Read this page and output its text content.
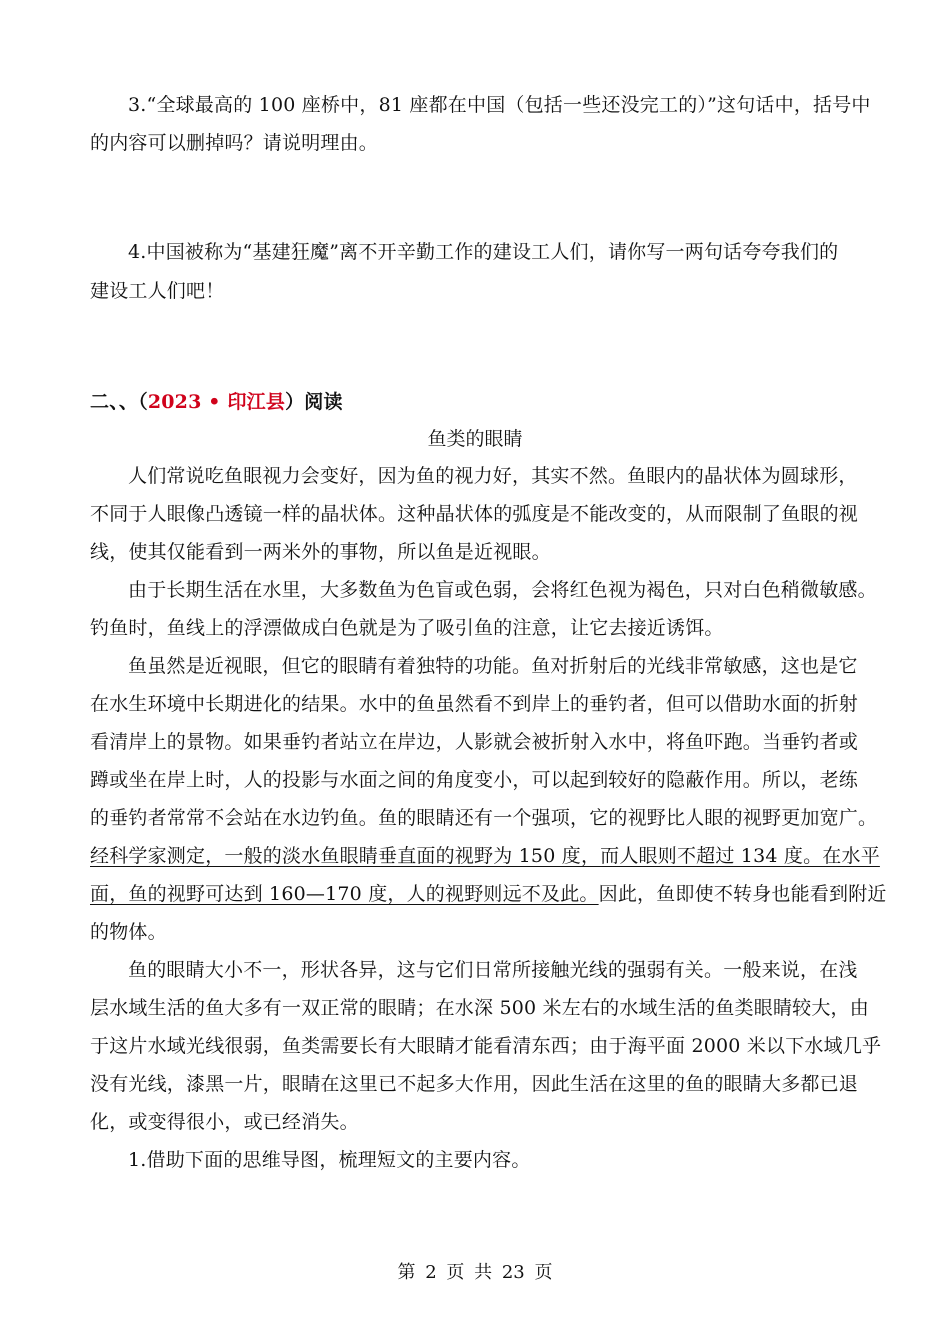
3.“全球最高的 100 座桥中，81 座都在中国（包括一些还没完工的）”这句话中，括号中
的内容可以删掉吗？请说明理由。
4.中国被称为“基建狂魔”离不开辛勤工作的建设工人们，请你写一两句话夸夸我们的
建设工人们吧！
二、、（2023 • 印江县）阅读
鱼类的眼睛
人们常说吃鱼眼视力会变好，因为鱼的视力好，其实不然。鱼眼内的晶状体为圆球形，
不同于人眼像凸透镜一样的晶状体。这种晶状体的弧度是不能改变的，从而限制了鱼眼的视
线，使其仅能看到一两米外的事物，所以鱼是近视眼。
由于长期生活在水里，大多数鱼为色盲或色弱，会将红色视为褐色，只对白色稍微敏感。
钓鱼时，鱼线上的浮漂做成白色就是为了吸引鱼的注意，让它去接近诱饵。
鱼虽然是近视眼，但它的眼睛有着独特的功能。鱼对折射后的光线非常敏感，这也是它
在水生环境中长期进化的结果。水中的鱼虽然看不到岸上的垂钓者，但可以借助水面的折射
看清岸上的景物。如果垂钓者站立在岸边，人影就会被折射入水中，将鱼吓跑。当垂钓者或
蹲或坐在岸上时，人的投影与水面之间的角度变小，可以起到较好的隐蔽作用。所以，老练
的垂钓者常常不会站在水边钓鱼。鱼的眼睛还有一个强项，它的视野比人眼的视野更加宽广。
经科学家测定，一般的淡水鱼眼睛垂直面的视野为 150 度，而人眼则不超过 134 度。在水平
面，鱼的视野可达到 160—170 度，人的视野则远不及此。因此，鱼即使不转身也能看到附近
的物体。
鱼的眼睛大小不一，形状各异，这与它们日常所接触光线的强弱有关。一般来说，在浅
层水域生活的鱼大多有一双正常的眼睛；在水深 500 米左右的水域生活的鱼类眼睛较大，由
于这片水域光线很弱，鱼类需要长有大眼睛才能看清东西；由于海平面 2000 米以下水域几乎
没有光线，漆黑一片，眼睛在这里已不起多大作用，因此生活在这里的鱼的眼睛大多都已退
化，或变得很小，或已经消失。
1.借助下面的思维导图，梳理短文的主要内容。
第 2 页 共 23 页
